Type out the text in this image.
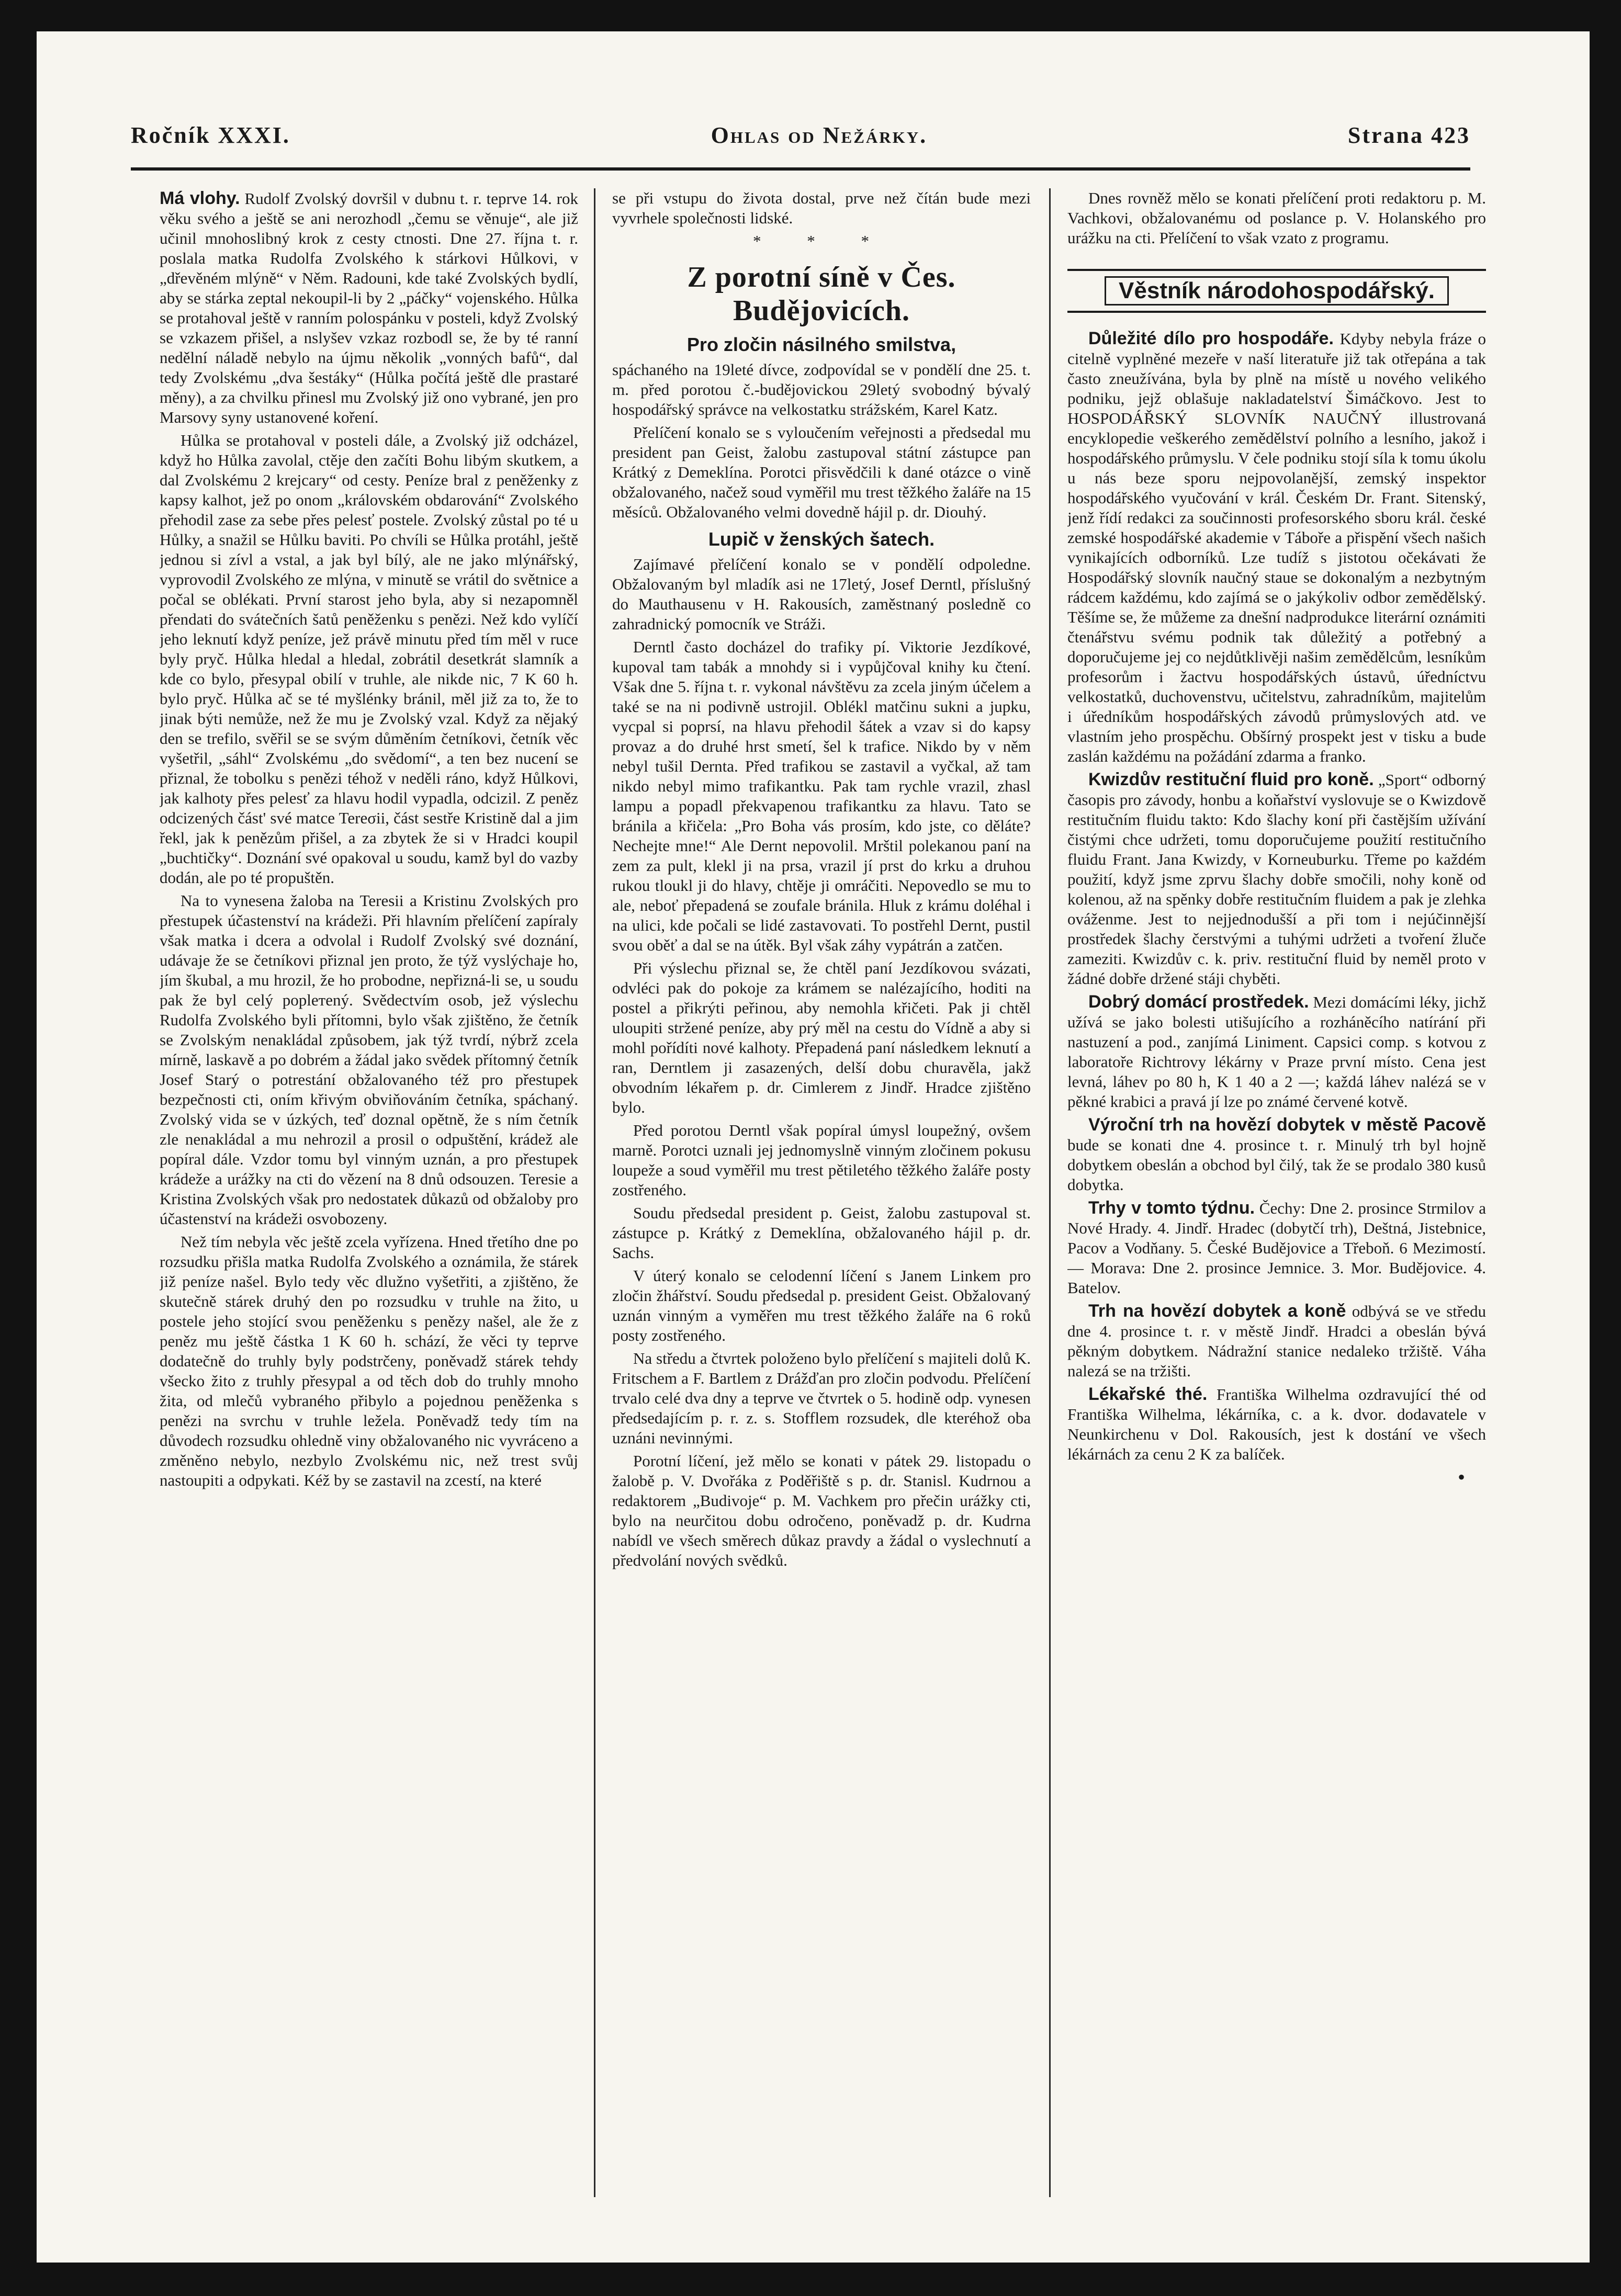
Ročník XXXI.	Ohlas od Nežárky.	Strana 423

Má vlohy. Rudolf Zvolský dovršil v dubnu t. r. teprve 14. rok věku svého a ještě se ani nerozhodl „čemu se věnuje“, ale již učinil mnohoslibný krok z cesty ctnosti. Dne 27. října t. r. poslala matka Rudolfa Zvolského k stárkovi Hůlkovi, v „dřevěném mlýně“ v Něm. Radouni, kde také Zvolských bydlí, aby se stárka zeptal nekoupil-li by 2 „páčky“ vojenského. Hůlka se protahoval ještě v ranním polospánku v posteli, když Zvolský se vzkazem přišel, a nslyšev vzkaz rozbodl se, že by té ranní nedělní náladě nebylo na újmu několik „vonných bafů“, dal tedy Zvolskému „dva šestáky“ (Hůlka počítá ještě dle prastaré měny), a za chvilku přinesl mu Zvolský již ono vybrané, jen pro Marsovy syny ustanovené koření.

Hůlka se protahoval v posteli dále, a Zvolský již odcházel, když ho Hůlka zavolal, ctěje den začíti Bohu libým skutkem, a dal Zvolskému 2 krejcary“ od cesty. Peníze bral z peněženky z kapsy kalhot, jež po onom „královském obdarování“ Zvolského přehodil zase za sebe přes pelesť postele. Zvolský zůstal po té u Hůlky, a snažil se Hůlku baviti. Po chvíli se Hůlka protáhl, ještě jednou si zívl a vstal, a jak byl bílý, ale ne jako mlýnářský, vyprovodil Zvolského ze mlýna, v minutě se vrátil do světnice a počal se oblékati. První starost jeho byla, aby si nezapomněl přendati do svátečních šatů peněženku s penězi. Než kdo vylíčí jeho leknutí když peníze, jež právě minutu před tím měl v ruce byly pryč. Hůlka hledal a hledal, zobrátil desetkrát slamník a kde co bylo, přesypal obilí v truhle, ale nikde nic, 7 K 60 h. bylo pryč. Hůlka ač se té myšlénky bránil, měl již za to, že to jinak býti nemůže, než že mu je Zvolský vzal. Když za nějaký den se trefilo, svěřil se se svým důměním četníkovi, četník věc vyšetřil, „sáhl“ Zvolskému „do svědomí“, a ten bez nucení se přiznal, že tobolku s penězi téhož v neděli ráno, když Hůlkovi, jak kalhoty přes pelesť za hlavu hodil vypadla, odcizil. Z peněz odcizených část' své matce Tereσii, část sestře Kristině dal a jim řekl, jak k penězům přišel, a za zbytek že si v Hradci koupil „buchtičky“. Doznání své opakoval u soudu, kamž byl do vazby dodán, ale po té propuštěn.

Na to vynesena žaloba na Teresii a Kristinu Zvolských pro přestupek účastenství na krádeži. Při hlavním přelíčení zapíraly však matka i dcera a odvolal i Rudolf Zvolský své doznání, udávaje že se četníkovi přiznal jen proto, že týž vyslýchaje ho, jím škubal, a mu hrozil, že ho probodne, nepřizná-li se, u soudu pak že byl celý poplетený. Svědectvím osob, jež výslechu Rudolfa Zvolského byli přítomni, bylo však zjištěno, že četník se Zvolským nenakládal způsobem, jak týž tvrdí, nýbrž zcela mírně, laskavě a po dobrém a žádal jako svědek přítomný četník Josef Starý o potrestání obžalovaného též pro přestupek bezpečnosti cti, oním křivým obviňováním četníka, spáchaný. Zvolský vida se v úzkých, teď doznal opětně, že s ním četník zle nenakládal a mu nehrozil a prosil o odpuštění, krádež ale popíral dále. Vzdor tomu byl vinným uznán, a pro přestupek krádeže a urážky na cti do vězení na 8 dnů odsouzen. Teresie a Kristina Zvolských však pro nedostatek důkazů od obžaloby pro účastenství na krádeži osvobozeny.

Než tím nebyla věc ještě zcela vyřízena. Hned třetího dne po rozsudku přišla matka Rudolfa Zvolského a oznámila, že stárek již peníze našel. Bylo tedy věc dlužno vyšetřiti, a zjištěno, že skutečně stárek druhý den po rozsudku v truhle na žito, u postele jeho stojící svou peněženku s penězy našel, ale že z peněz mu ještě částka 1 K 60 h. schází, že věci ty teprve dodatečně do truhly byly podstrčeny, poněvadž stárek tehdy všecko žito z truhly přesypal a od těch dob do truhly mnoho žita, od mlečů vybraného přibylo a pojednou peněženka s penězi na svrchu v truhle ležela. Poněvadž tedy tím na důvodech rozsudku ohledně viny obžalovaného nic vyvráceno a změněno nebylo, nezbylo Zvolskému nic, než trest svůj nastoupiti a odpykati. Kéž by se zastavil na zcestí, na které

se při vstupu do života dostal, prve než čítán bude mezi vyvrhele společnosti lidské.

* * *
Z porotní síně v Čes. Budějovicích.
Pro zločin násilného smilstva,

spáchaného na 19leté dívce, zodpovídal se v pondělí dne 25. t. m. před porotou č.-budějovickou 29letý svobodný bývalý hospodářský správce na velkostatku strážském, Karel Katz.

Přelíčení konalo se s vyloučením veřejnosti a předsedal mu president pan Geist, žalobu zastupoval státní zástupce pan Krátký z Demeklína. Porotci přisvědčili k dané otázce o vině obžalovaného, načež soud vyměřil mu trest těžkého žaláře na 15 měsíců. Obžalovaného velmi dovedně hájil p. dr. Diouhý.

Lupič v ženských šatech.

Zajímavé přelíčení konalo se v pondělí odpoledne. Obžalovaným byl mladík asi ne 17letý, Josef Derntl, příslušný do Mauthausenu v H. Rakousích, zaměstnaný posledně co zahradnický pomocník ve Stráži.

Derntl často docházel do trafiky pí. Viktorie Jezdíkové, kupoval tam tabák a mnohdy si i vypůjčoval knihy ku čtení. Však dne 5. října t. r. vykonal návštěvu za zcela jiným účelem a také se na ni podivně ustrojil. Oblékl matčinu sukni a jupku, vycpal si poprsí, na hlavu přehodil šátek a vzav si do kapsy provaz a do druhé hrst smetí, šel k trafice. Nikdo by v něm nebyl tušil Dernta. Před trafikou se zastavil a vyčkal, až tam nikdo nebyl mimo trafikantku. Pak tam rychle vrazil, zhasl lampu a popadl překvapenou trafikantku za hlavu. Tato se bránila a křičela: „Pro Boha vás prosím, kdo jste, co děláte? Nechejte mne!“ Ale Dernt nepovolil. Mrštil polekanou paní na zem za pult, klekl ji na prsa, vrazil jí prst do krku a druhou rukou tloukl ji do hlavy, chtěje ji omráčiti. Nepovedlo se mu to ale, neboť přepadená se zoufale bránila. Hluk z krámu doléhal i na ulici, kde počali se lidé zastavovati. To postřehl Dernt, pustil svou oběť a dal se na útěk. Byl však záhy vypátrán a zatčen.

Při výslechu přiznal se, že chtěl paní Jezdíkovou svázati, odvléci pak do pokoje za krámem se nalézajícího, hoditi na postel a přikrýti peřinou, aby nemohla křičeti. Pak ji chtěl uloupiti stržené peníze, aby prý měl na cestu do Vídně a aby si mohl pořídíti nové kalhoty. Přepadená paní následkem leknutí a ran, Derntlem ji zasazených, delší dobu churavěla, jakž obvodním lékařem p. dr. Cimlerem z Jindř. Hradce zjištěno bylo.

Před porotou Derntl však popíral úmysl loupežný, ovšem marně. Porotci uznali jej jednomyslně vinným zločinem pokusu loupeže a soud vyměřil mu trest pětiletého těžkého žaláře posty zostřeného.

Soudu předsedal president p. Geist, žalobu zastupoval st. zástupce p. Krátký z Demeklína, obžalovaného hájil p. dr. Sachs.

V úterý konalo se celodenní líčení s Janem Linkem pro zločin žhářství. Soudu předsedal p. president Geist. Obžalovaný uznán vinným a vyměřen mu trest těžkého žaláře na 6 roků posty zostřeného.

Na středu a čtvrtek položeno bylo přelíčení s majiteli dolů K. Fritschem a F. Bartlem z Drážďan pro zločin podvodu. Přelíčení trvalo celé dva dny a teprve ve čtvrtek o 5. hodině odp. vynesen předsedajícím p. r. z. s. Stofflem rozsudek, dle kteréhož oba uznáni nevinnými.

Porotní líčení, jež mělo se konati v pátek 29. listopadu o žalobě p. V. Dvořáka z Poděřiště s p. dr. Stanisl. Kudrnou a redaktorem „Budivoje“ p. M. Vachkem pro přečin urážky cti, bylo na neurčitou dobu odročeno, poněvadž p. dr. Kudrna nabídl ve všech směrech důkaz pravdy a žádal o vyslechnutí a předvolání nových svědků.

Dnes rovněž mělo se konati přelíčení proti redaktoru p. M. Vachkovi, obžalovanému od poslance p. V. Holanského pro urážku na cti. Přelíčení to však vzato z programu.

Věstník národohospodářský.

Důležité dílo pro hospodáře. Kdyby nebyla fráze o citelně vyplněné mezeře v naší literatuře již tak otřepána a tak často zneužívána, byla by plně na místě u nového velikého podniku, jejž oblašuje nakladatelství Šimáčkovo. Jest to HOSPODÁŘSKÝ SLOVNÍK NAUČNÝ illustrovaná encyklopedie veškerého zemědělství polního a lesního, jakož i hospodářského průmyslu. V čele podniku stojí síla k tomu úkolu u nás beze sporu nejpovolanější, zemský inspektor hospodářského vyučování v král. Českém Dr. Frant. Sitenský, jenž řídí redakci za součinnosti profesorského sboru král. české zemské hospodářské akademie v Táboře a přispění všech našich vynikajících odborníků. Lze tudíž s jistotou očekávati že Hospodářský slovník naučný staue se dokonalým a nezbytným rádcem každému, kdo zajímá se o jakýkoliv odbor zemědělský. Těšíme se, že můžeme za dnešní nadprodukce literární oznámiti čtenářstvu svému podnik tak důležitý a potřebný a doporučujeme jej co nejdůtklivěji našim zemědělcům, lesníkům profesorům i žactvu hospodářských ústavů, úředníctvu velkostatků, duchovenstvu, učitelstvu, zahradníkům, majitelům i úředníkům hospodářských závodů průmyslových atd. ve vlastním jeho prospěchu. Obšírný prospekt jest v tisku a bude zaslán každému na požádání zdarma a franko.

Kwizdův restituční fluid pro koně. „Sport“ odborný časopis pro závody, honbu a koňařství vyslovuje se o Kwizdově restitučním fluidu takto: Kdo šlachy koní při častějším užívání čistými chce udržeti, tomu doporučujeme použití restitučního fluidu Frant. Jana Kwizdy, v Korneuburku. Třeme po každém použití, když jsme zprvu šlachy dobře smočili, nohy koně od kolenou, až na spěnky dobře restitučním fluidem a pak je zlehka ováženme. Jest to nejjednodušší a při tom i nejúčinnější prostředek šlachy čerstvými a tuhými udržeti a tvoření žluče zameziti. Kwizdův c. k. priv. restituční fluid by neměl proto v žádné dobře držené stáji chyběti.

Dobrý domácí prostředek. Mezi domácími léky, jichž užívá se jako bolesti utišujícího a rozháněcího natírání při nastuzení a pod., zanjímá Liniment. Capsici comp. s kotvou z laboratoře Richtrovy lékárny v Praze první místo. Cena jest levná, láhev po 80 h, K 1 40 a 2 —; každá láhev nalézá se v pěkné krabici a pravá jí lze po známé červené kotvě.

Výroční trh na hovězí dobytek v městě Pacově bude se konati dne 4. prosince t. r. Minulý trh byl hojně dobytkem obeslán a obchod byl čilý, tak že se prodalo 380 kusů dobytka.

Trhy v tomto týdnu. Čechy: Dne 2. prosince Strmilov a Nové Hrady. 4. Jindř. Hradec (dobytčí trh), Deštná, Jistebnice, Pacov a Vodňany. 5. České Budějovice a Třeboň. 6 Mezimostí. — Morava: Dne 2. prosince Jemnice. 3. Mor. Budějovice. 4. Batelov.

Trh na hovězí dobytek a koně odbývá se ve středu dne 4. prosince t. r. v městě Jindř. Hradci a obeslán bývá pěkným dobytkem. Nádražní stanice nedaleko tržiště. Váha nalezá se na tržišti.

Lékařské thé. Františka Wilhelma ozdravující thé od Františka Wilhelma, lékárníka, c. a k. dvor. dodavatele v Neunkirchenu v Dol. Rakousích, jest k dostání ve všech lékárnách za cenu 2 K za balíček.

•
